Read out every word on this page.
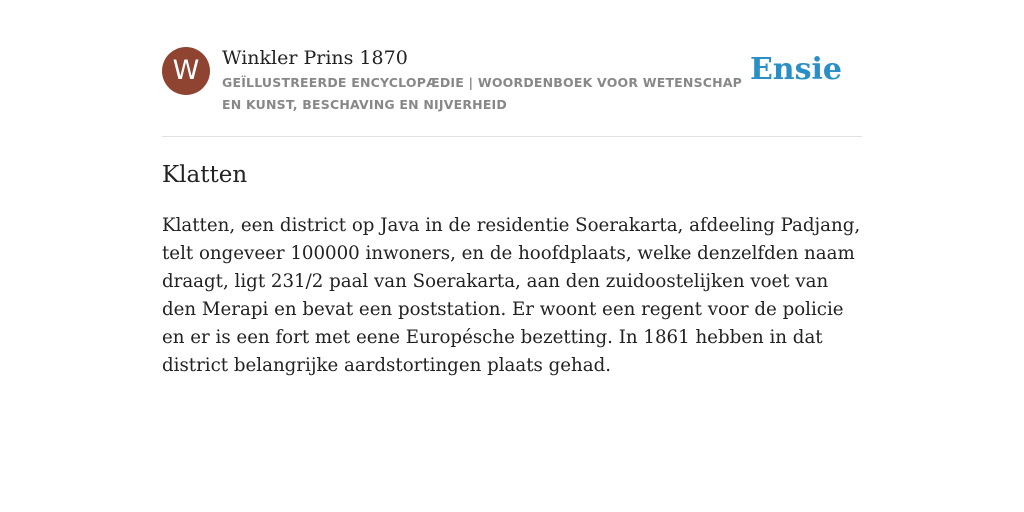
W	Winkler Prins 1870
GEÏLLUSTREERDE ENCYCLOPÆDIE | WOORDENBOEK VOOR WETENSCHAP EN KUNST, BESCHAVING EN NIJVERHEID
Ensie
Klatten

Klatten, een district op Java in de residentie Soerakarta, afdeeling Padjang, telt ongeveer 100000 inwoners, en de hoofdplaats, welke denzelfden naam draagt, ligt 231/2 paal van Soerakarta, aan den zuidoostelijken voet van den Merapi en bevat een poststation. Er woont een regent voor de policie en er is een fort met eene Europésche bezetting. In 1861 hebben in dat district belangrijke aardstortingen plaats gehad.
